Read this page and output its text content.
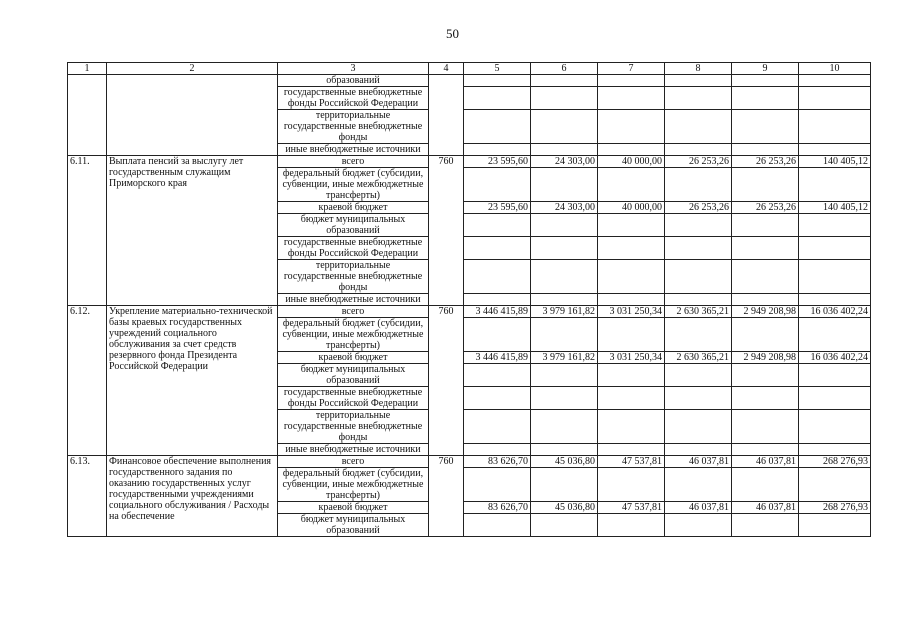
50
1	2	3	4	5	6	7	8	9	10
		образований							
		государственные внебюджетные фонды Российской Федерации							
		территориальные государственные внебюджетные фонды							
		иные внебюджетные источники							
6.11.	Выплата пенсий за выслугу лет государственным служащим Приморского края	всего	760	23 595,60	24 303,00	40 000,00	26 253,26	26 253,26	140 405,12
		федеральный бюджет (субсидии, субвенции, иные межбюджетные трансферты)							
		краевой бюджет		23 595,60	24 303,00	40 000,00	26 253,26	26 253,26	140 405,12
		бюджет муниципальных образований							
		государственные внебюджетные фонды Российской Федерации							
		территориальные государственные внебюджетные фонды							
		иные внебюджетные источники							
6.12.	Укрепление материально-технической базы краевых государственных учреждений социального обслуживания за счет средств резервного фонда Президента Российской Федерации	всего	760	3 446 415,89	3 979 161,82	3 031 250,34	2 630 365,21	2 949 208,98	16 036 402,24
		федеральный бюджет (субсидии, субвенции, иные межбюджетные трансферты)							
		краевой бюджет		3 446 415,89	3 979 161,82	3 031 250,34	2 630 365,21	2 949 208,98	16 036 402,24
		бюджет муниципальных образований							
		государственные внебюджетные фонды Российской Федерации							
		территориальные государственные внебюджетные фонды							
		иные внебюджетные источники							
6.13.	Финансовое обеспечение выполнения государственного задания по оказанию государственных услуг государственными учреждениями социального обслуживания / Расходы на обеспечение	всего	760	83 626,70	45 036,80	47 537,81	46 037,81	46 037,81	268 276,93
		федеральный бюджет (субсидии, субвенции, иные межбюджетные трансферты)							
		краевой бюджет		83 626,70	45 036,80	47 537,81	46 037,81	46 037,81	268 276,93
		бюджет муниципальных образований							
